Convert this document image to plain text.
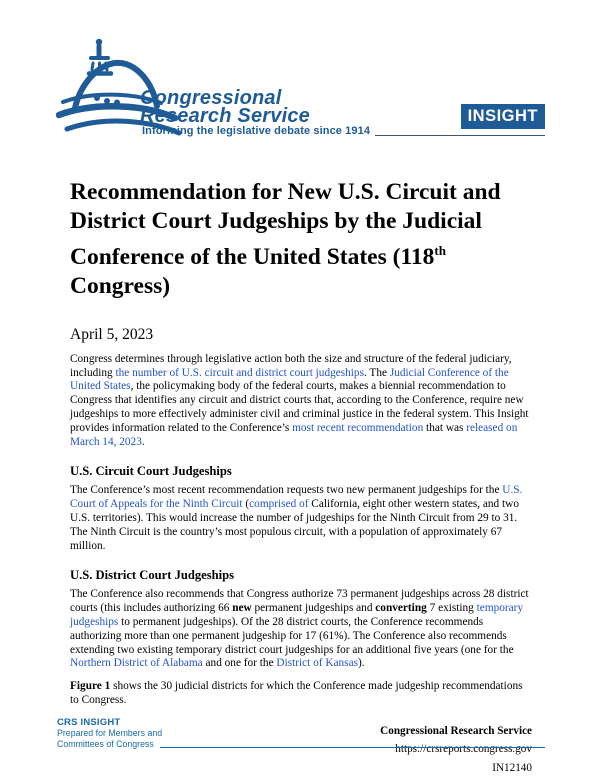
Congressional
Research Service
Informing the legislative debate since 1914
INSIGHT
Recommendation for New U.S. Circuit and District Court Judgeships by the Judicial Conference of the United States (118th Congress)
April 5, 2023

Congress determines through legislative action both the size and structure of the federal judiciary, including the number of U.S. circuit and district court judgeships. The Judicial Conference of the United States, the policymaking body of the federal courts, makes a biennial recommendation to Congress that identifies any circuit and district courts that, according to the Conference, require new judgeships to more effectively administer civil and criminal justice in the federal system. This Insight provides information related to the Conference’s most recent recommendation that was released on March 14, 2023.

U.S. Circuit Court Judgeships

The Conference’s most recent recommendation requests two new permanent judgeships for the U.S. Court of Appeals for the Ninth Circuit (comprised of California, eight other western states, and two U.S. territories). This would increase the number of judgeships for the Ninth Circuit from 29 to 31. The Ninth Circuit is the country’s most populous circuit, with a population of approximately 67 million.

U.S. District Court Judgeships

The Conference also recommends that Congress authorize 73 permanent judgeships across 28 district courts (this includes authorizing 66 new permanent judgeships and converting 7 existing temporary judgeships to permanent judgeships). Of the 28 district courts, the Conference recommends authorizing more than one permanent judgeship for 17 (61%). The Conference also recommends extending two existing temporary district court judgeships for an additional five years (one for the Northern District of Alabama and one for the District of Kansas).

Figure 1 shows the 30 judicial districts for which the Conference made judgeship recommendations to Congress.

Congressional Research Service
https://crsreports.congress.gov
IN12140
CRS INSIGHT
Prepared for Members and
Committees of Congress
